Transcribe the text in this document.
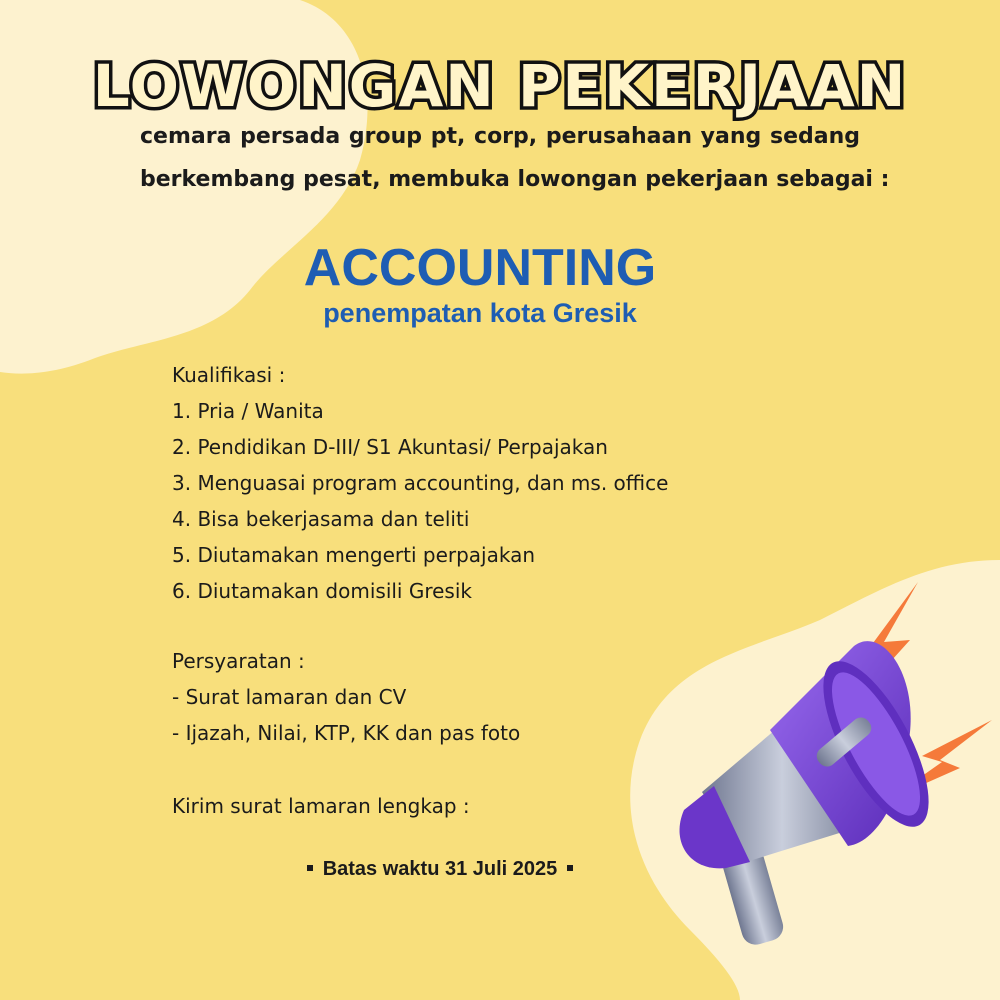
LOWONGAN PEKERJAAN
cemara persada group pt, corp, perusahaan yang sedang
berkembang pesat, membuka lowongan pekerjaan sebagai :
ACCOUNTING
penempatan kota Gresik
Kualifikasi :
1. Pria / Wanita
2. Pendidikan D-III/ S1 Akuntasi/ Perpajakan
3. Menguasai program accounting, dan ms. office
4. Bisa bekerjasama dan teliti
5. Diutamakan mengerti perpajakan
6. Diutamakan domisili Gresik
Persyaratan :
- Surat lamaran dan CV
- Ijazah, Nilai, KTP, KK dan pas foto
Kirim surat lamaran lengkap :
Batas waktu 31 Juli 2025
